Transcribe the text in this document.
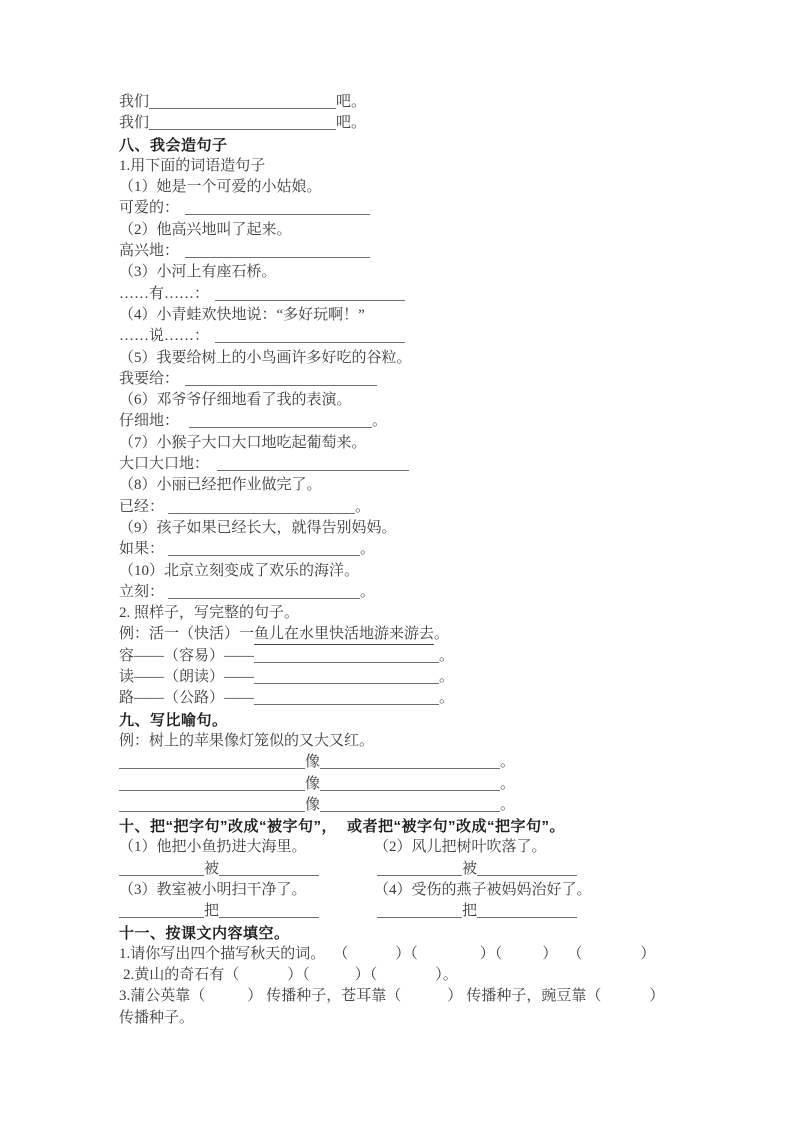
我们	吧。
我们	吧。
八、我会造句子
1.用下面的词语造句子
（1）她是一个可爱的小姑娘。
可爱的：
（2）他高兴地叫了起来。
高兴地：
（3）小河上有座石桥。
……有……：
（4）小青蛙欢快地说：“多好玩啊！”
……说……：
（5）我要给树上的小鸟画许多好吃的谷粒。
我要给：
（6）邓爷爷仔细地看了我的表演。
仔细地：	。
（7）小猴子大口大口地吃起葡萄来。
大口大口地：
（8）小丽已经把作业做完了。
已经：	。
（9）孩子如果已经长大，就得告别妈妈。
如果：	。
（10）北京立刻变成了欢乐的海洋。
立刻：	。
2. 照样子，写完整的句子。
例：活一（快活）一鱼儿在水里快活地游来游去。
容——（容易）——	。
读——（朗读）——	。
路——（公路）——	。
九、写比喻句。
例：树上的苹果像灯笼似的又大又红。
像	。
像	。
像	。
十、把“把字句”改成“被字句”， 或者把“被字句”改成“把字句”。
（1）他把小鱼扔进大海里。	（2）风儿把树叶吹落了。
被	被
（3）教室被小明扫干净了。	（4）受伤的燕子被妈妈治好了。
把	把
十一、按课文内容填空。
1.请你写出四个描写秋天的词。 （	）（	）（	） （	）
2.黄山的奇石有（	）（	）（	）。
3.蒲公英靠（	） 传播种子，苍耳靠（	） 传播种子，豌豆靠（	）
传播种子。
